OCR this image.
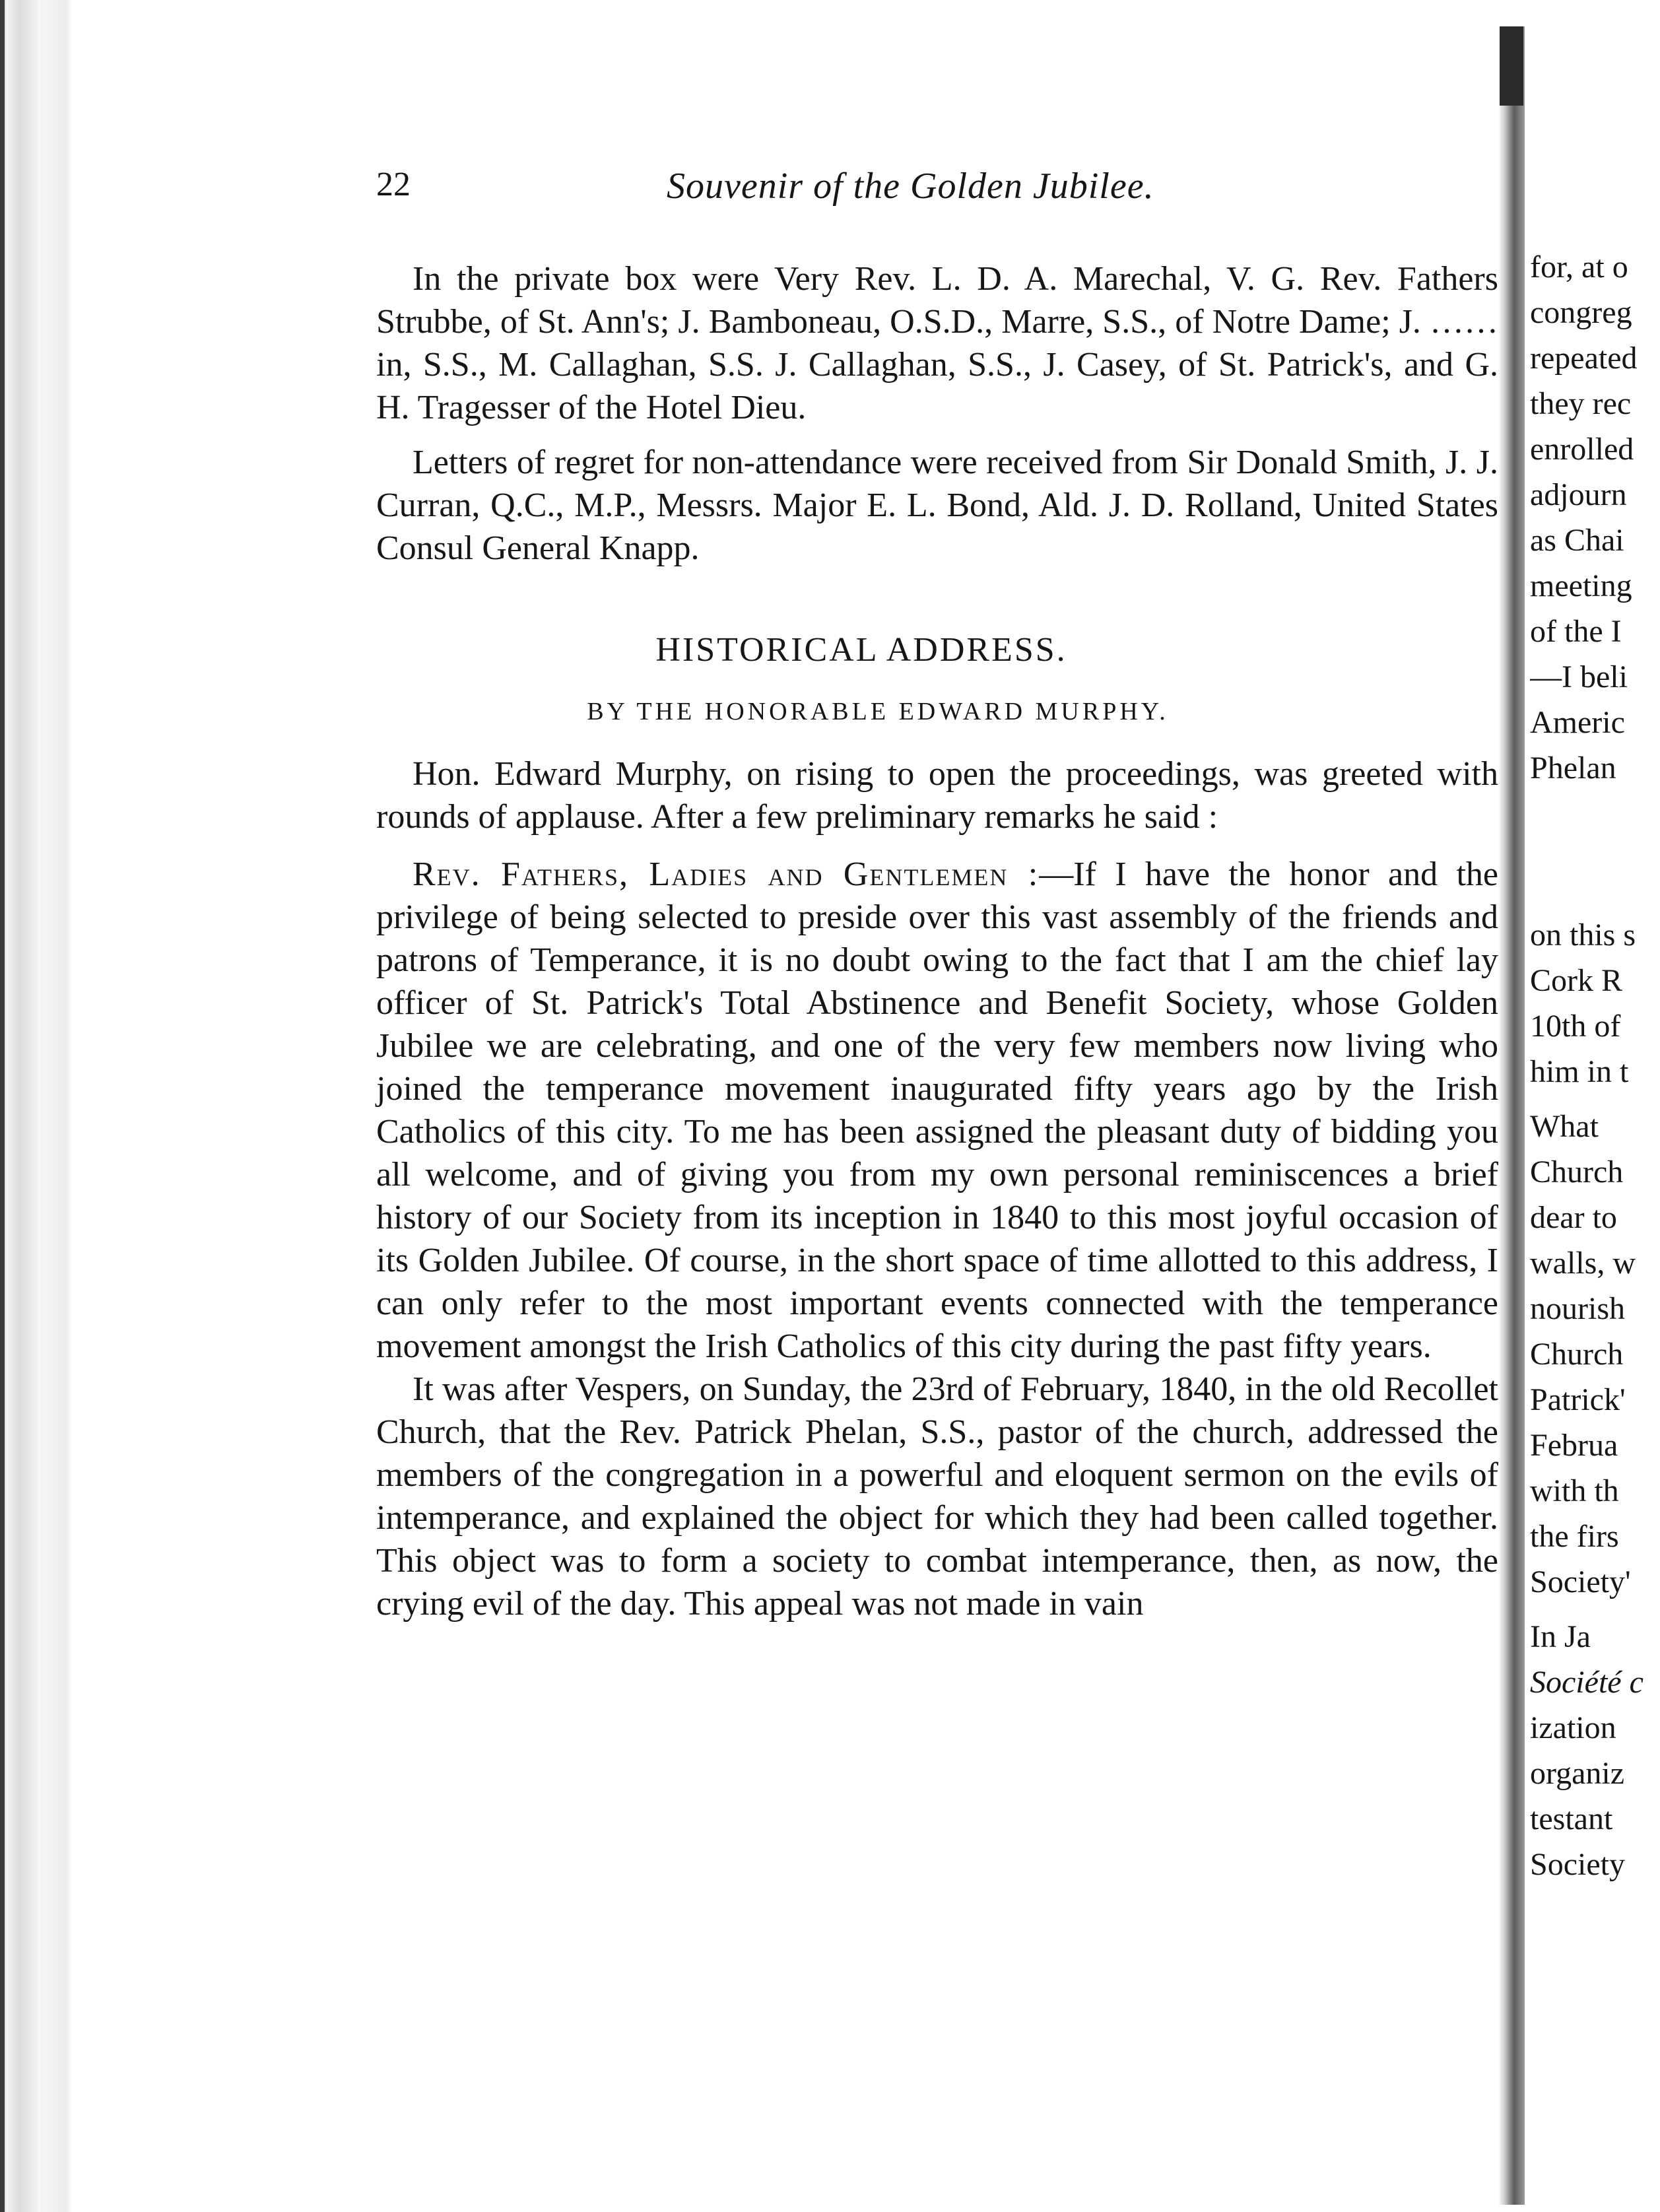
22	Souvenir of the Golden Jubilee.

In the private box were Very Rev. L. D. A. Marechal, V. G. Rev. Fathers Strubbe, of St. Ann's; J. Bamboneau, O.S.D., Marre, S.S., of Notre Dame; J. ……in, S.S., M. Callaghan, S.S. J. Callaghan, S.S., J. Casey, of St. Patrick's, and G. H. Tragesser of the Hotel Dieu.

Letters of regret for non-attendance were received from Sir Donald Smith, J. J. Curran, Q.C., M.P., Messrs. Major E. L. Bond, Ald. J. D. Rolland, United States Consul General Knapp.

HISTORICAL ADDRESS.
BY THE HONORABLE EDWARD MURPHY.

Hon. Edward Murphy, on rising to open the proceedings, was greeted with rounds of applause. After a few preliminary remarks he said :

Rev. Fathers, Ladies and Gentlemen :—If I have the honor and the privilege of being selected to preside over this vast assembly of the friends and patrons of Temperance, it is no doubt owing to the fact that I am the chief lay officer of St. Patrick's Total Abstinence and Benefit Society, whose Golden Jubilee we are celebrating, and one of the very few members now living who joined the temperance movement inaugurated fifty years ago by the Irish Catholics of this city. To me has been assigned the pleasant duty of bidding you all welcome, and of giving you from my own personal reminiscences a brief history of our Society from its inception in 1840 to this most joyful occasion of its Golden Jubilee. Of course, in the short space of time allotted to this address, I can only refer to the most important events connected with the temperance movement amongst the Irish Catholics of this city during the past fifty years.

It was after Vespers, on Sunday, the 23rd of February, 1840, in the old Recollet Church, that the Rev. Patrick Phelan, S.S., pastor of the church, addressed the members of the congregation in a powerful and eloquent sermon on the evils of intemperance, and explained the object for which they had been called together. This object was to form a society to combat intemperance, then, as now, the crying evil of the day. This appeal was not made in vain

for, at o
congreg
repeated
they rec
enrolled
adjourn
as Chai
meeting
of the I
—I beli
Americ
Phelan
on this s
Cork R
10th of
him in t
What
Church
dear to
walls, w
nourish
Church
Patrick'
Februa
with th
the firs
Society'
In Ja
Société c
ization
organiz
testant
Society
